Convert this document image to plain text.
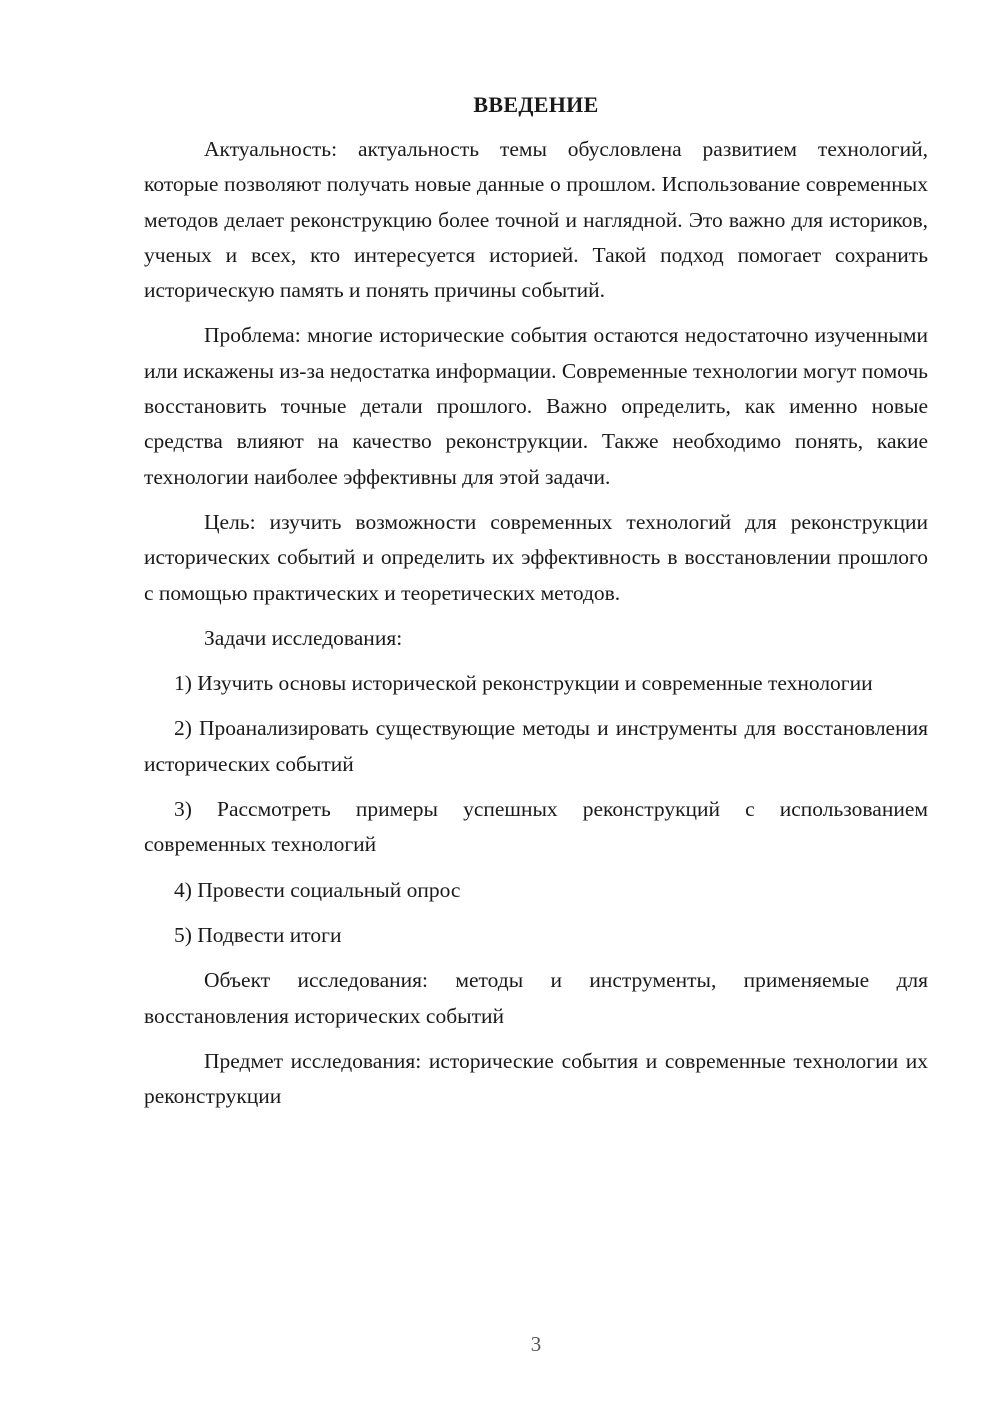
ВВЕДЕНИЕ

Актуальность: актуальность темы обусловлена развитием технологий, которые позволяют получать новые данные о прошлом. Использование современных методов делает реконструкцию более точной и наглядной. Это важно для историков, ученых и всех, кто интересуется историей. Такой подход помогает сохранить историческую память и понять причины событий.

Проблема: многие исторические события остаются недостаточно изученными или искажены из-за недостатка информации. Современные технологии могут помочь восстановить точные детали прошлого. Важно определить, как именно новые средства влияют на качество реконструкции. Также необходимо понять, какие технологии наиболее эффективны для этой задачи.

Цель: изучить возможности современных технологий для реконструкции исторических событий и определить их эффективность в восстановлении прошлого с помощью практических и теоретических методов.

Задачи исследования:

1) Изучить основы исторической реконструкции и современные технологии

2) Проанализировать существующие методы и инструменты для восстановления исторических событий

3) Рассмотреть примеры успешных реконструкций с использованием современных технологий

4) Провести социальный опрос

5) Подвести итоги

Объект исследования: методы и инструменты, применяемые для восстановления исторических событий

Предмет исследования: исторические события и современные технологии их реконструкции

3
